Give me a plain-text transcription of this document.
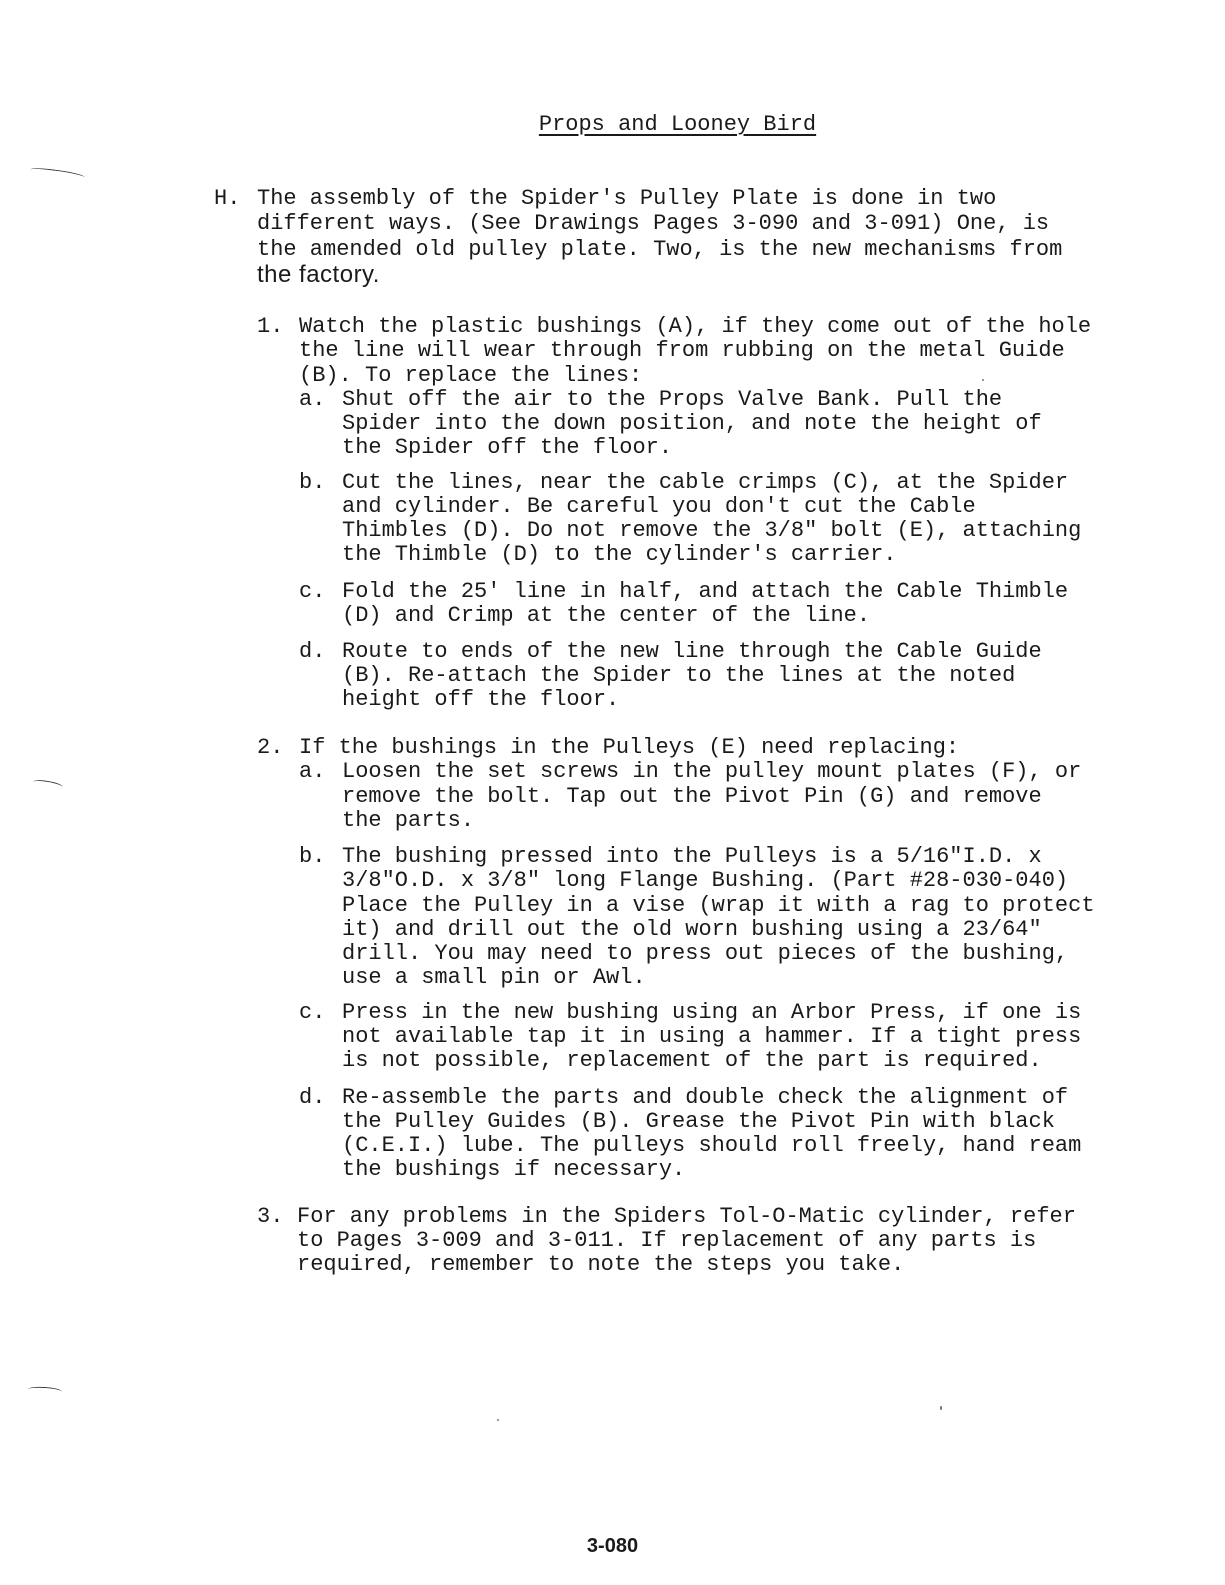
Props and Looney Bird
H. The assembly of the Spider's Pulley Plate is done in two
different ways. (See Drawings Pages 3-090 and 3-091) One, is
the amended old pulley plate. Two, is the new mechanisms from
the factory.
1. Watch the plastic bushings (A), if they come out of the hole
the line will wear through from rubbing on the metal Guide
(B). To replace the lines:
a. Shut off the air to the Props Valve Bank. Pull the
Spider into the down position, and note the height of
the Spider off the floor.
b. Cut the lines, near the cable crimps (C), at the Spider
and cylinder. Be careful you don't cut the Cable
Thimbles (D). Do not remove the 3/8" bolt (E), attaching
the Thimble (D) to the cylinder's carrier.
c. Fold the 25' line in half, and attach the Cable Thimble
(D) and Crimp at the center of the line.
d. Route to ends of the new line through the Cable Guide
(B). Re-attach the Spider to the lines at the noted
height off the floor.
2. If the bushings in the Pulleys (E) need replacing:
a. Loosen the set screws in the pulley mount plates (F), or
remove the bolt. Tap out the Pivot Pin (G) and remove
the parts.
b. The bushing pressed into the Pulleys is a 5/16"I.D. x
3/8"O.D. x 3/8" long Flange Bushing. (Part #28-030-040)
Place the Pulley in a vise (wrap it with a rag to protect
it) and drill out the old worn bushing using a 23/64"
drill. You may need to press out pieces of the bushing,
use a small pin or Awl.
c. Press in the new bushing using an Arbor Press, if one is
not available tap it in using a hammer. If a tight press
is not possible, replacement of the part is required.
d. Re-assemble the parts and double check the alignment of
the Pulley Guides (B). Grease the Pivot Pin with black
(C.E.I.) lube. The pulleys should roll freely, hand ream
the bushings if necessary.
3. For any problems in the Spiders Tol-O-Matic cylinder, refer
to Pages 3-009 and 3-011. If replacement of any parts is
required, remember to note the steps you take.
3-080
